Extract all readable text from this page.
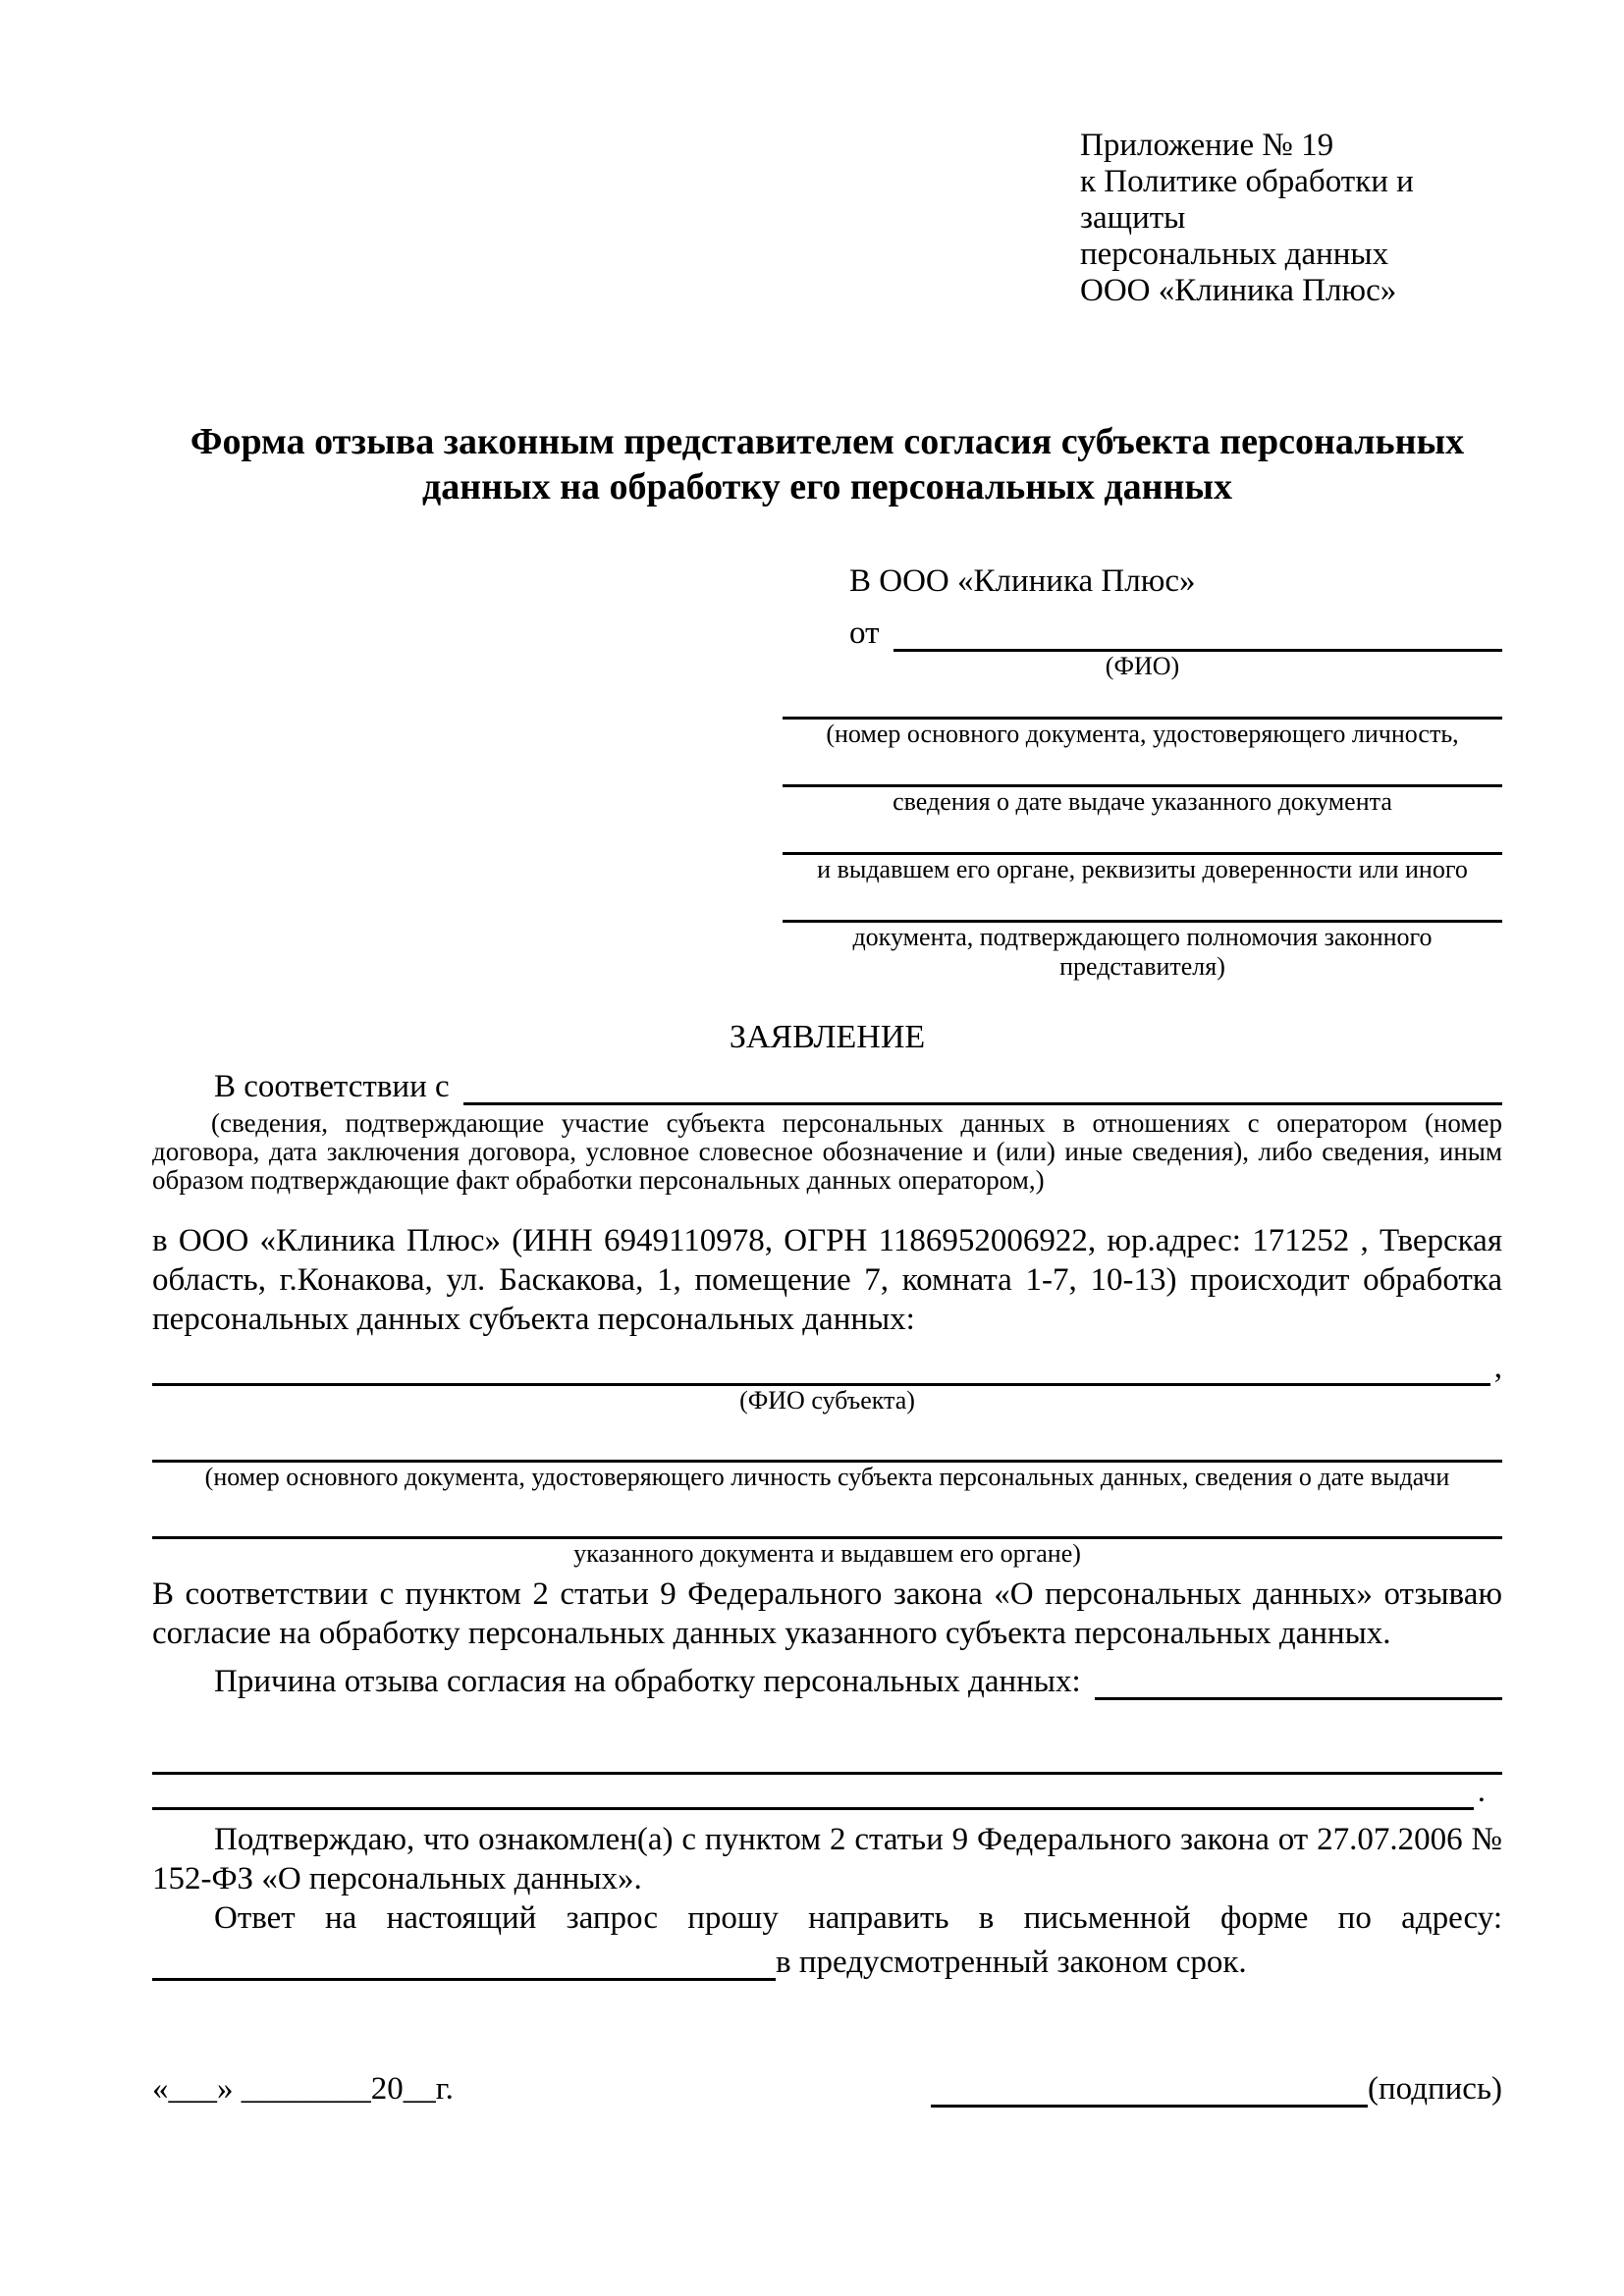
Приложение № 19
к Политике обработки и защиты
персональных данных
ООО «Клиника Плюс»
Форма отзыва законным представителем согласия субъекта персональных данных на обработку его персональных данных
В ООО «Клиника Плюс»
от
(ФИО)
(номер основного документа, удостоверяющего личность,
сведения о дате выдаче указанного документа
и выдавшем его органе, реквизиты доверенности или иного
документа, подтверждающего полномочия законного представителя)
ЗАЯВЛЕНИЕ
В соответствии с

(сведения, подтверждающие участие субъекта персональных данных в отношениях с оператором (номер договора, дата заключения договора, условное словесное обозначение и (или) иные сведения), либо сведения, иным образом подтверждающие факт обработки персональных данных оператором,)

в ООО «Клиника Плюс» (ИНН 6949110978, ОГРН 1186952006922, юр.адрес: 171252 , Тверская область, г.Конакова, ул. Баскакова, 1, помещение 7, комната 1-7, 10-13) происходит обработка персональных данных субъекта персональных данных:

,
(ФИО субъекта)
(номер основного документа, удостоверяющего личность субъекта персональных данных, сведения о дате выдачи
указанного документа и выдавшем его органе)

В соответствии с пунктом 2 статьи 9 Федерального закона «О персональных данных» отзываю согласие на обработку персональных данных указанного субъекта персональных данных.

Причина отзыва согласия на обработку персональных данных:
.

Подтверждаю, что ознакомлен(а) с пунктом 2 статьи 9 Федерального закона от 27.07.2006 № 152-ФЗ «О персональных данных».

Ответ на настоящий запрос прошу направить в письменной форме по адресу:

в предусмотренный законом срок.
«___» ________20__г.	(подпись)
